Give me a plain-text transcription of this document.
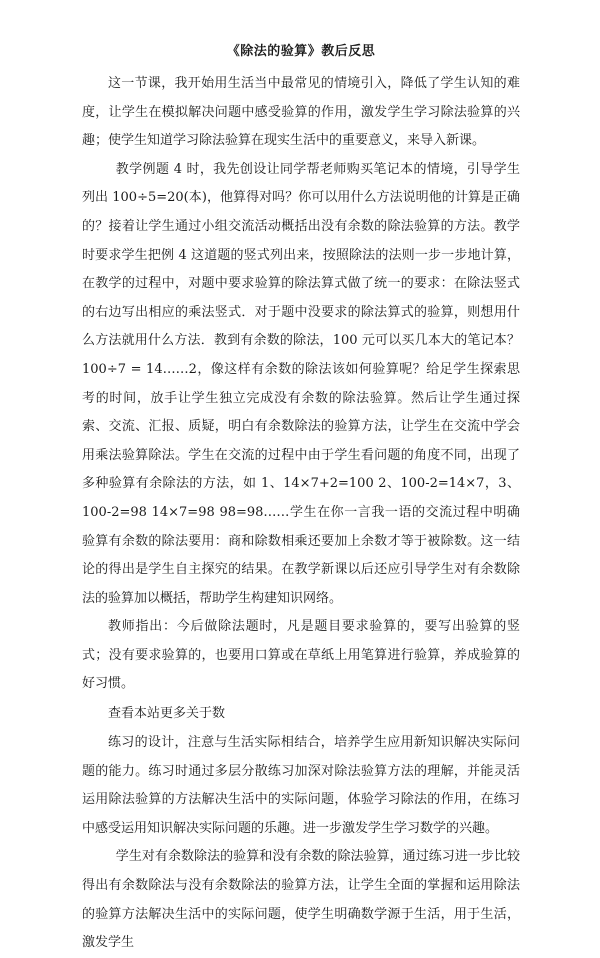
《除法的验算》教后反思

这一节课，我开始用生活当中最常见的情境引入，降低了学生认知的难度，让学生在模拟解决问题中感受验算的作用，激发学生学习除法验算的兴趣；使学生知道学习除法验算在现实生活中的重要意义，来导入新课。

教学例题 4 时，我先创设让同学帮老师购买笔记本的情境，引导学生列出 100÷5=20(本)，他算得对吗？你可以用什么方法说明他的计算是正确的？接着让学生通过小组交流活动概括出没有余数的除法验算的方法。教学时要求学生把例 4 这道题的竖式列出来，按照除法的法则一步一步地计算，在教学的过程中，对题中要求验算的除法算式做了统一的要求：在除法竖式的右边写出相应的乘法竖式．对于题中没要求的除法算式的验算，则想用什么方法就用什么方法．教到有余数的除法，100 元可以买几本大的笔记本？100÷7 = 14……2，像这样有余数的除法该如何验算呢？给足学生探索思考的时间，放手让学生独立完成没有余数的除法验算。然后让学生通过探索、交流、汇报、质疑，明白有余数除法的验算方法，让学生在交流中学会用乘法验算除法。学生在交流的过程中由于学生看问题的角度不同，出现了多种验算有余除法的方法，如 1、14×7+2=100 2、100-2=14×7，3、100-2=98 14×7=98 98=98……学生在你一言我一语的交流过程中明确验算有余数的除法要用：商和除数相乘还要加上余数才等于被除数。这一结论的得出是学生自主探究的结果。在教学新课以后还应引导学生对有余数除法的验算加以概括，帮助学生构建知识网络。

教师指出：今后做除法题时，凡是题目要求验算的，要写出验算的竖式；没有要求验算的，也要用口算或在草纸上用笔算进行验算，养成验算的好习惯。

查看本站更多关于数

练习的设计，注意与生活实际相结合，培养学生应用新知识解决实际问题的能力。练习时通过多层分散练习加深对除法验算方法的理解，并能灵活运用除法验算的方法解决生活中的实际问题，体验学习除法的作用，在练习中感受运用知识解决实际问题的乐趣。进一步激发学生学习数学的兴趣。

学生对有余数除法的验算和没有余数的除法验算，通过练习进一步比较得出有余数除法与没有余数除法的验算方法，让学生全面的掌握和运用除法的验算方法解决生活中的实际问题，使学生明确数学源于生活，用于生活，激发学生
